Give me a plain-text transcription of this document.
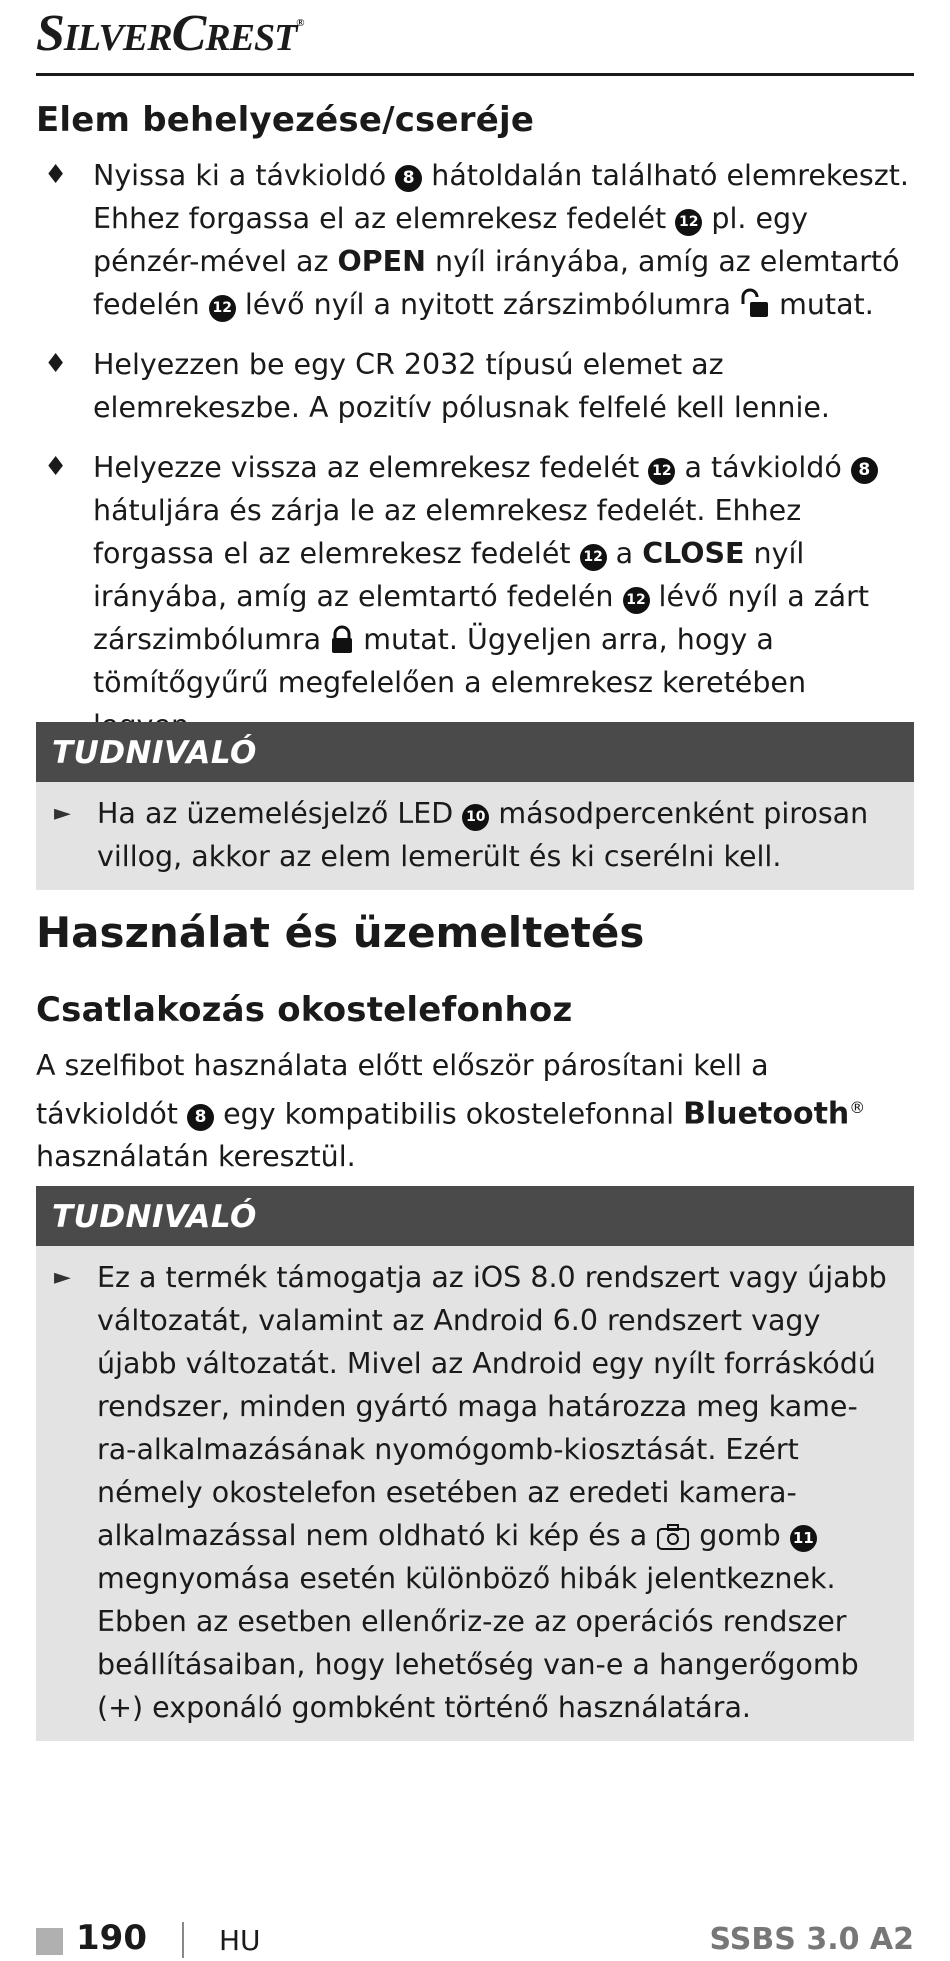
SILVERCREST®
Elem behelyezése/cseréje
♦ Nyissa ki a távkioldó 8 hátoldalán található elemrekeszt. Ehhez forgassa el az elemrekesz fedelét 12 pl. egy pénzér-mével az OPEN nyíl irányába, amíg az elemtartó fedelén 12 lévő nyíl a nyitott zárszimbólumra  mutat.
♦ Helyezzen be egy CR 2032 típusú elemet az elemrekeszbe. A pozitív pólusnak felfelé kell lennie.
♦ Helyezze vissza az elemrekesz fedelét 12 a távkioldó 8 hátuljára és zárja le az elemrekesz fedelét. Ehhez forgassa el az elemrekesz fedelét 12 a CLOSE nyíl irányába, amíg az elemtartó fedelén 12 lévő nyíl a zárt zárszimbólumra  mutat. Ügyeljen arra, hogy a tömítőgyűrű megfelelően a elemrekesz keretében
TUDNIVALÓ
► Ha az üzemelésjelző LED 10 másodpercenként pirosan villog, akkor az elem lemerült és ki cserélni kell.
Használat és üzemeltetés
Csatlakozás okostelefonhoz

A szelfibot használata előtt először párosítani kell a távkioldót 8 egy kompatibilis okostelefonnal Bluetooth® használatán keresztül.

TUDNIVALÓ
► Ez a termék támogatja az iOS 8.0 rendszert vagy újabb változatát, valamint az Android 6.0 rendszert vagy újabb változatát. Mivel az Android egy nyílt forráskódú rendszer, minden gyártó maga határozza meg kame-ra-alkalmazásának nyomógomb-kiosztását. Ezért némely okostelefon esetében az eredeti kamera-alkalmazással nem oldható ki kép és a  gomb 11 megnyomása esetén különböző hibák jelentkeznek. Ebben az esetben ellenőriz-ze az operációs rendszer beállításaiban, hogy lehetőség van-e a hangerőgomb (+) exponáló gombként történő használatára.
190	HU	SSBS 3.0 A2
